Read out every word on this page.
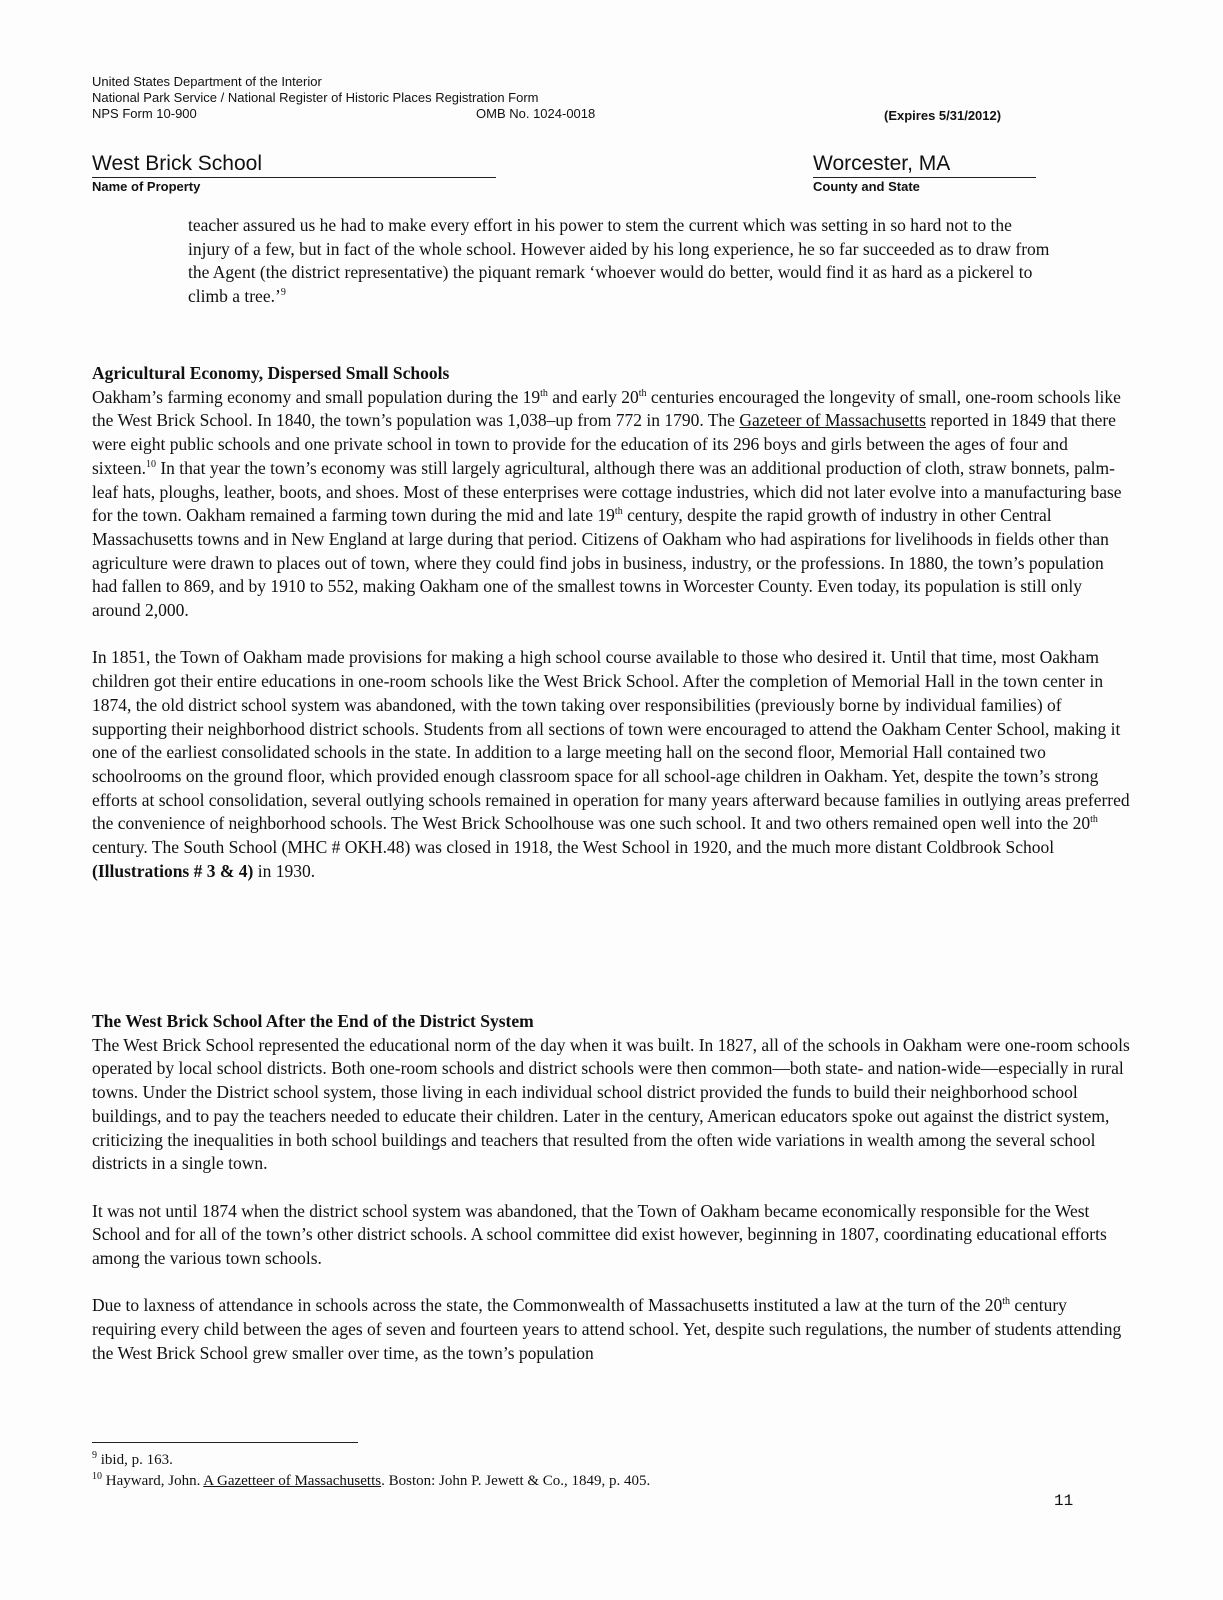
United States Department of the Interior
National Park Service / National Register of Historic Places Registration Form
NPS Form 10-900	OMB No. 1024-0018	(Expires 5/31/2012)
West Brick School
Name of Property
Worcester, MA
County and State
teacher assured us he had to make every effort in his power to stem the current which was setting in so hard not to the injury of a few, but in fact of the whole school. However aided by his long experience, he so far succeeded as to draw from the Agent (the district representative) the piquant remark ‘whoever would do better, would find it as hard as a pickerel to climb a tree.’$^9$

Agricultural Economy, Dispersed Small Schools
Oakham’s farming economy and small population during the 19th and early 20th centuries encouraged the longevity of small, one-room schools like the West Brick School. In 1840, the town’s population was 1,038–up from 772 in 1790. The Gazeteer of Massachusetts reported in 1849 that there were eight public schools and one private school in town to provide for the education of its 296 boys and girls between the ages of four and sixteen.$^{10}$ In that year the town’s economy was still largely agricultural, although there was an additional production of cloth, straw bonnets, palm-leaf hats, ploughs, leather, boots, and shoes. Most of these enterprises were cottage industries, which did not later evolve into a manufacturing base for the town. Oakham remained a farming town during the mid and late 19th century, despite the rapid growth of industry in other Central Massachusetts towns and in New England at large during that period. Citizens of Oakham who had aspirations for livelihoods in fields other than agriculture were drawn to places out of town, where they could find jobs in business, industry, or the professions. In 1880, the town’s population had fallen to 869, and by 1910 to 552, making Oakham one of the smallest towns in Worcester County. Even today, its population is still only around 2,000.

In 1851, the Town of Oakham made provisions for making a high school course available to those who desired it. Until that time, most Oakham children got their entire educations in one-room schools like the West Brick School. After the completion of Memorial Hall in the town center in 1874, the old district school system was abandoned, with the town taking over responsibilities (previously borne by individual families) of supporting their neighborhood district schools. Students from all sections of town were encouraged to attend the Oakham Center School, making it one of the earliest consolidated schools in the state. In addition to a large meeting hall on the second floor, Memorial Hall contained two schoolrooms on the ground floor, which provided enough classroom space for all school-age children in Oakham. Yet, despite the town’s strong efforts at school consolidation, several outlying schools remained in operation for many years afterward because families in outlying areas preferred the convenience of neighborhood schools. The West Brick Schoolhouse was one such school. It and two others remained open well into the 20th century. The South School (MHC # OKH.48) was closed in 1918, the West School in 1920, and the much more distant Coldbrook School (Illustrations # 3 & 4) in 1930.

The West Brick School After the End of the District System
The West Brick School represented the educational norm of the day when it was built. In 1827, all of the schools in Oakham were one-room schools operated by local school districts. Both one-room schools and district schools were then common—both state- and nation-wide—especially in rural towns. Under the District school system, those living in each individual school district provided the funds to build their neighborhood school buildings, and to pay the teachers needed to educate their children. Later in the century, American educators spoke out against the district system, criticizing the inequalities in both school buildings and teachers that resulted from the often wide variations in wealth among the several school districts in a single town.

It was not until 1874 when the district school system was abandoned, that the Town of Oakham became economically responsible for the West School and for all of the town’s other district schools. A school committee did exist however, beginning in 1807, coordinating educational efforts among the various town schools.

Due to laxness of attendance in schools across the state, the Commonwealth of Massachusetts instituted a law at the turn of the 20th century requiring every child between the ages of seven and fourteen years to attend school. Yet, despite such regulations, the number of students attending the West Brick School grew smaller over time, as the town’s population

$^9$ ibid, p. 163.
$^{10}$ Hayward, John. A Gazetteer of Massachusetts. Boston: John P. Jewett & Co., 1849, p. 405.
11
